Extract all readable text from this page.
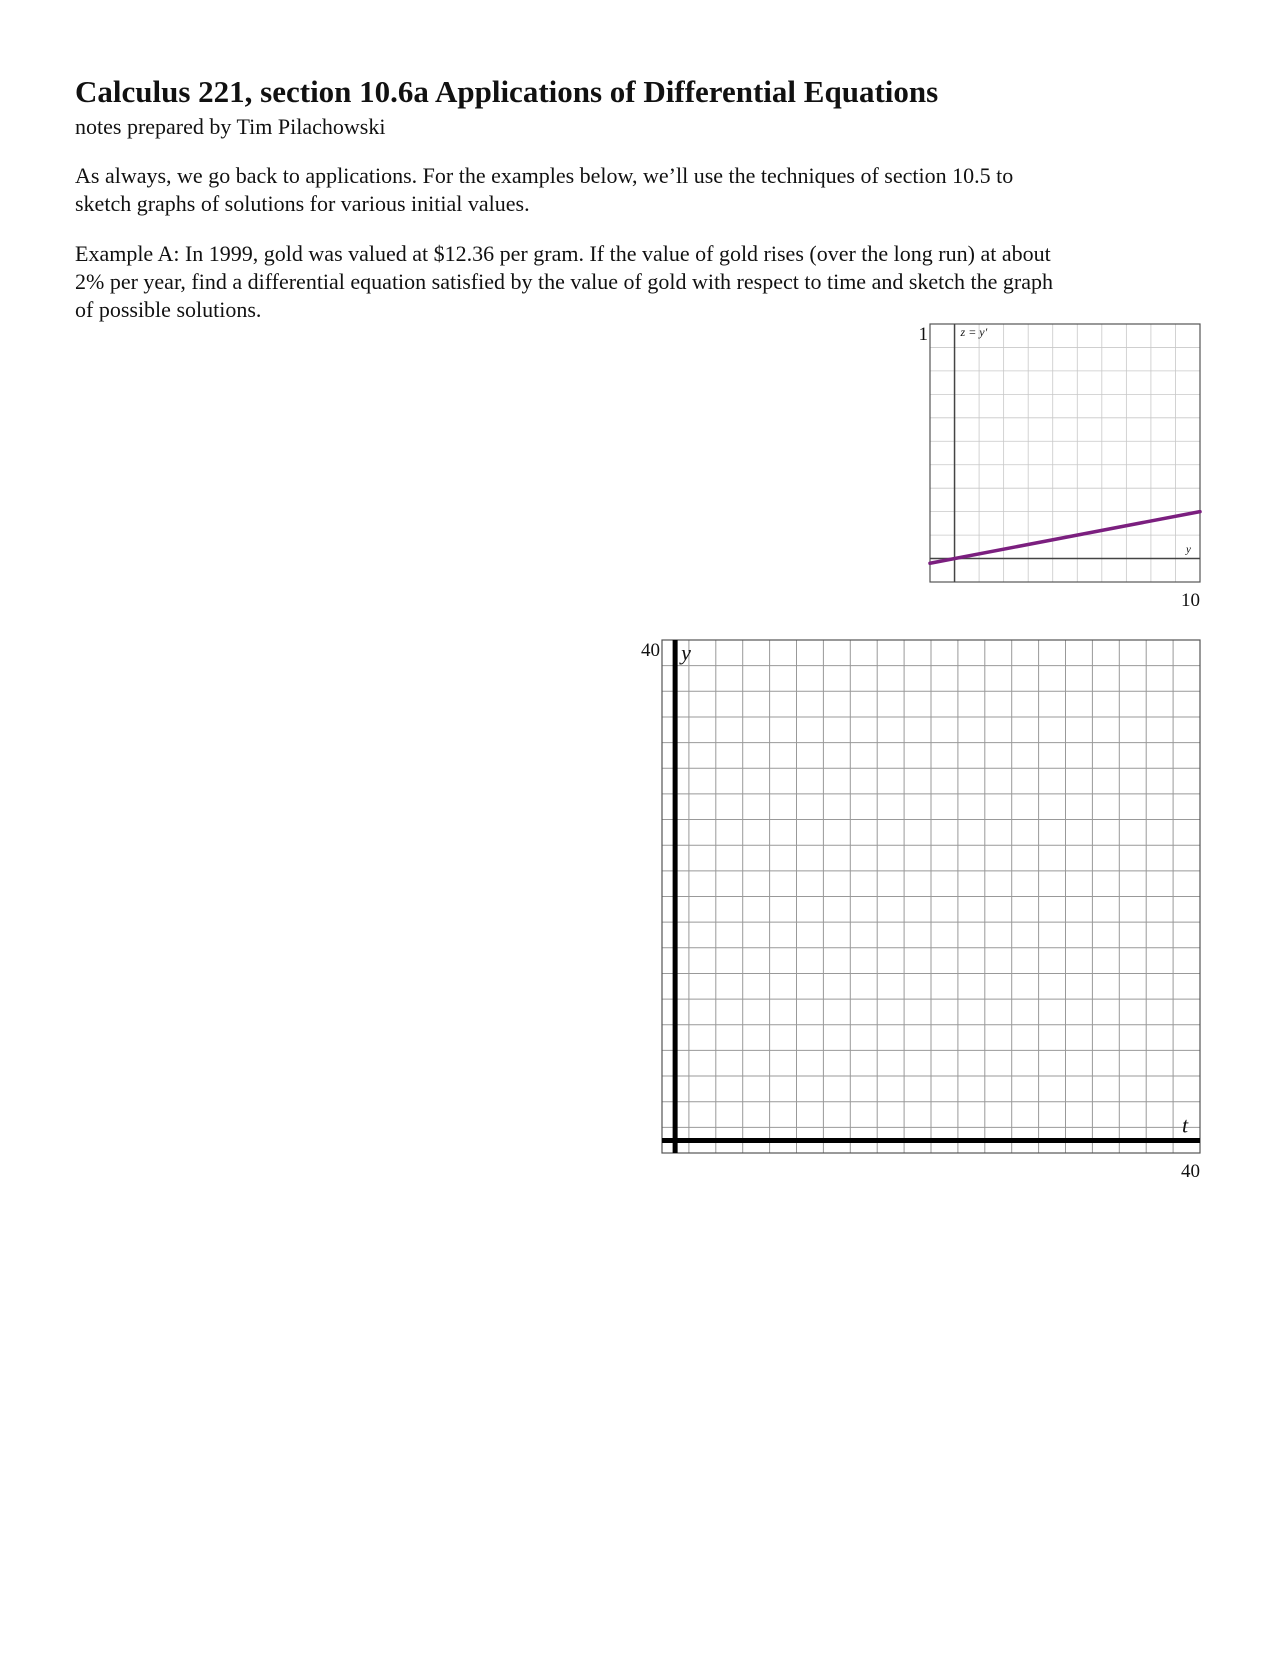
Calculus 221, section 10.6a Applications of Differential Equations
notes prepared by Tim Pilachowski
As always, we go back to applications. For the examples below, we’ll use the techniques of section 10.5 to
sketch graphs of solutions for various initial values.
Example A: In 1999, gold was valued at $12.36 per gram. If the value of gold rises (over the long run) at about
2% per year, find a differential equation satisfied by the value of gold with respect to time and sketch the graph
of possible solutions.
z = y′
y
1
10
y
t
40
40
